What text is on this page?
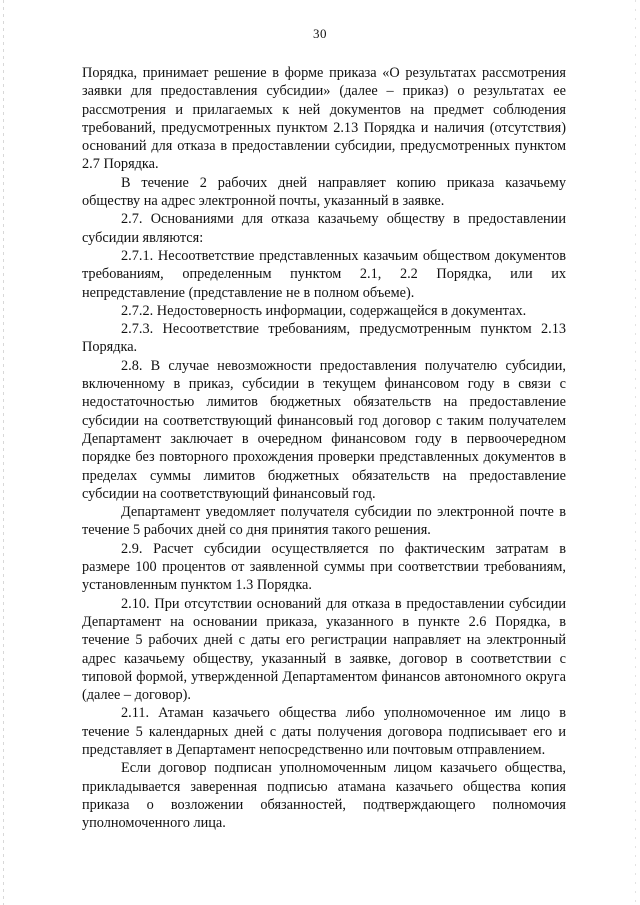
30

Порядка, принимает решение в форме приказа «О результатах рассмотрения заявки для предоставления субсидии» (далее – приказ) о результатах ее рассмотрения и прилагаемых к ней документов на предмет соблюдения требований, предусмотренных пунктом 2.13 Порядка и наличия (отсутствия) оснований для отказа в предоставлении субсидии, предусмотренных пунктом 2.7 Порядка.

В течение 2 рабочих дней направляет копию приказа казачьему обществу на адрес электронной почты, указанный в заявке.

2.7. Основаниями для отказа казачьему обществу в предоставлении субсидии являются:

2.7.1. Несоответствие представленных казачьим обществом документов требованиям, определенным пунктом 2.1, 2.2 Порядка, или их непредставление (представление не в полном объеме).

2.7.2. Недостоверность информации, содержащейся в документах.

2.7.3. Несоответствие требованиям, предусмотренным пунктом 2.13 Порядка.

2.8. В случае невозможности предоставления получателю субсидии, включенному в приказ, субсидии в текущем финансовом году в связи с недостаточностью лимитов бюджетных обязательств на предоставление субсидии на соответствующий финансовый год договор с таким получателем Департамент заключает в очередном финансовом году в первоочередном порядке без повторного прохождения проверки представленных документов в пределах суммы лимитов бюджетных обязательств на предоставление субсидии на соответствующий финансовый год.

Департамент уведомляет получателя субсидии по электронной почте в течение 5 рабочих дней со дня принятия такого решения.

2.9. Расчет субсидии осуществляется по фактическим затратам в размере 100 процентов от заявленной суммы при соответствии требованиям, установленным пунктом 1.3 Порядка.

2.10. При отсутствии оснований для отказа в предоставлении субсидии Департамент на основании приказа, указанного в пункте 2.6 Порядка, в течение 5 рабочих дней с даты его регистрации направляет на электронный адрес казачьему обществу, указанный в заявке, договор в соответствии с типовой формой, утвержденной Департаментом финансов автономного округа (далее – договор).

2.11. Атаман казачьего общества либо уполномоченное им лицо в течение 5 календарных дней с даты получения договора подписывает его и представляет в Департамент непосредственно или почтовым отправлением.

Если договор подписан уполномоченным лицом казачьего общества, прикладывается заверенная подписью атамана казачьего общества копия приказа о возложении обязанностей, подтверждающего полномочия уполномоченного лица.
